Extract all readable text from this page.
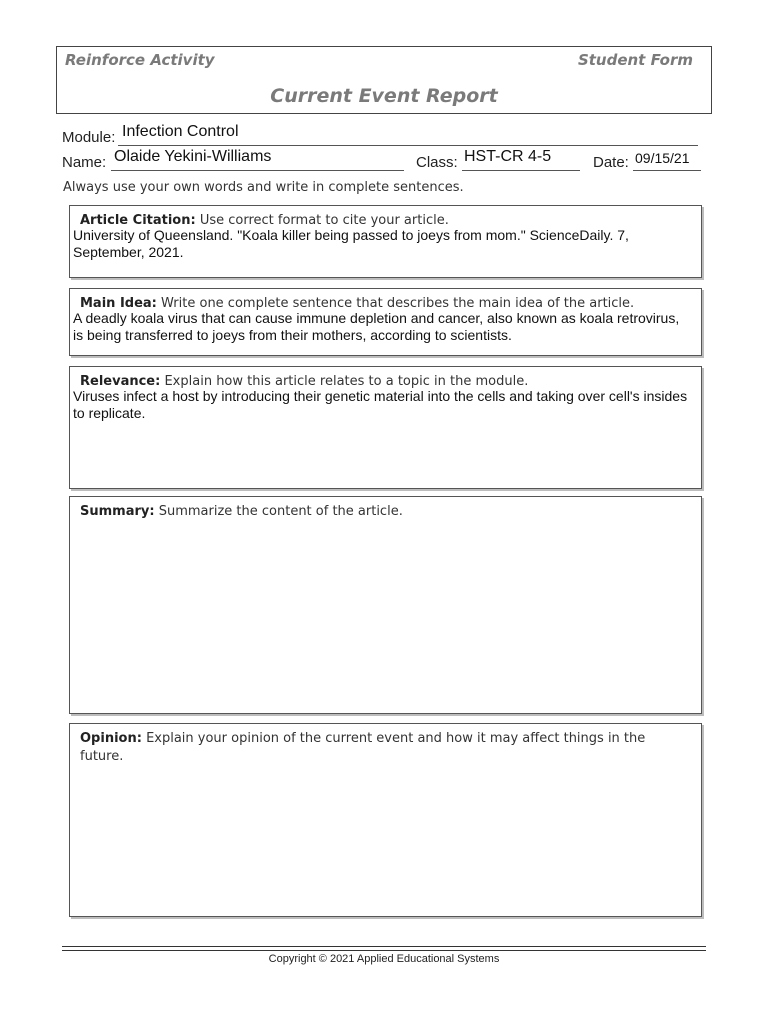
Reinforce Activity	Student Form
Current Event Report
Module: Infection Control
Name: Olaide Yekini-Williams	Class: HST-CR 4-5	Date: 09/15/21
Always use your own words and write in complete sentences.
Article Citation: Use correct format to cite your article.
University of Queensland. "Koala killer being passed to joeys from mom." ScienceDaily. 7, September, 2021.
Main Idea: Write one complete sentence that describes the main idea of the article.
A deadly koala virus that can cause immune depletion and cancer, also known as koala retrovirus, is being transferred to joeys from their mothers, according to scientists.
Relevance: Explain how this article relates to a topic in the module.
Viruses infect a host by introducing their genetic material into the cells and taking over cell's insides to replicate.
Summary: Summarize the content of the article.
Opinion: Explain your opinion of the current event and how it may affect things in the future.
Copyright © 2021 Applied Educational Systems
